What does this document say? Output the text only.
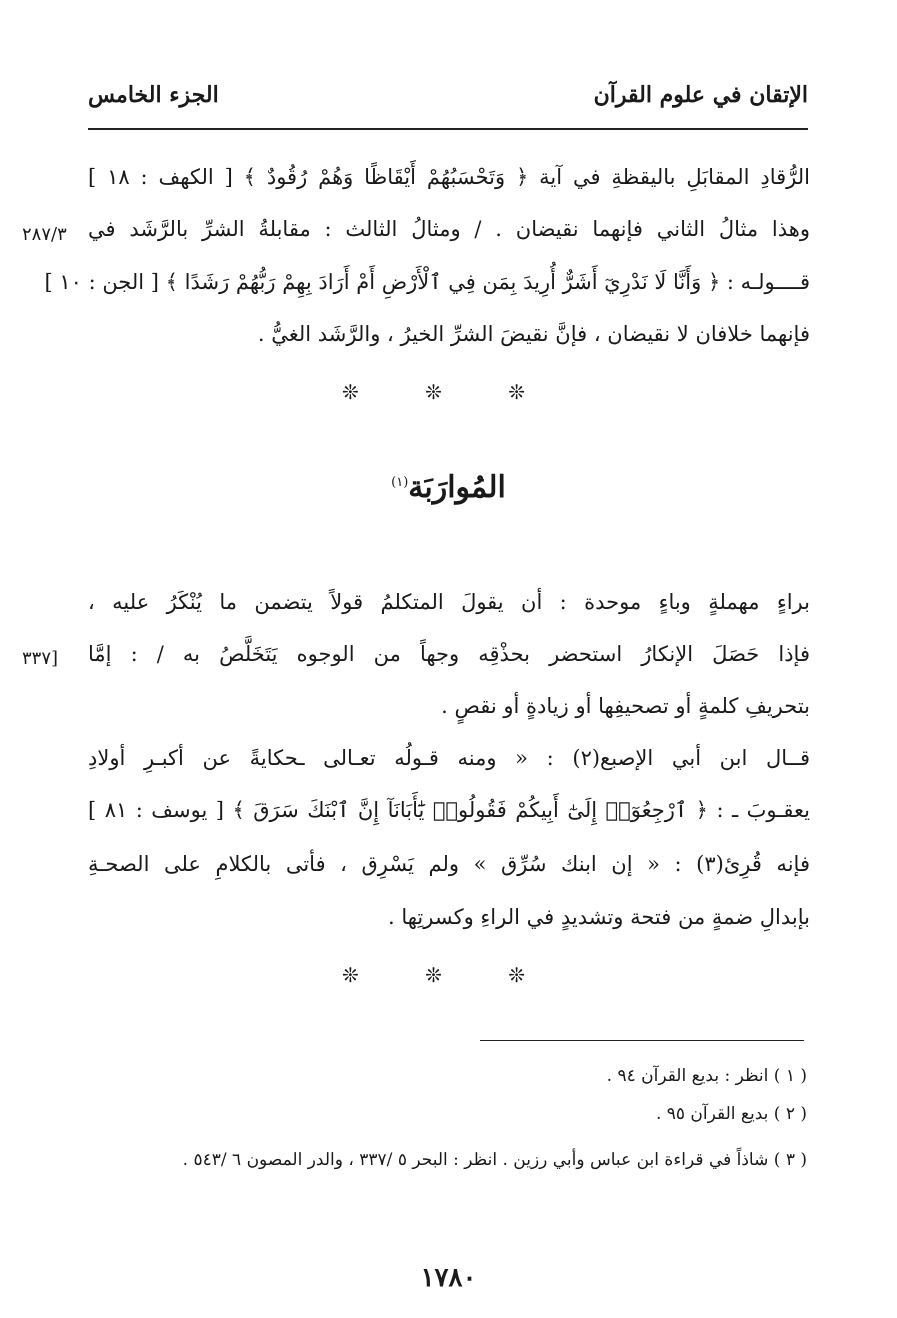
الإتقان في علوم القرآن
الجزء الخامس
الرُّقادِ المقابَلِ باليقظةِ في آية ﴿ وَتَحْسَبُهُمْ أَيْقَاظًا وَهُمْ رُقُودٌ ﴾ [ الكهف : ١٨ ]
وهذا مثالُ الثاني فإنهما نقيضان . / ومثالُ الثالث : مقابلةُ الشرِّ بالرَّشَد في
٢٨٧/٣
قــــولـه : ﴿ وَأَنَّا لَا نَدْرِيٓ أَشَرٌّ أُرِيدَ بِمَن فِي ٱلْأَرْضِ أَمْ أَرَادَ بِهِمْ رَبُّهُمْ رَشَدًا ﴾ [ الجن : ١٠ ]
فإنهما خلافان لا نقيضان ، فإنَّ نقيضَ الشرِّ الخيرُ ، والرَّشَد الغيُّ .
❊ ❊ ❊
المُوارَبَة$^{(١)}$
براءٍ مهملةٍ وباءٍ موحدة : أن يقولَ المتكلمُ قولاً يتضمن ما يُنْكَرُ عليه ،
فإذا حَصَلَ الإنكارُ استحضر بحذْقِه وجهاً من الوجوه يَتَخَلَّصُ به / : إمَّا
[٣٣٧
بتحريفِ كلمةٍ أو تصحيفِها أو زيادةٍ أو نقصٍ .
قــال ابن أبي الإصبع(٢) : « ومنه قـولُه تعـالى ـحكايةً عن أكبـرِ أولادِ
يعقـوبَ ـ : ﴿ ٱرْجِعُوٓا۟ إِلَىٰٓ أَبِيكُمْ فَقُولُوا۟ يَٰٓأَبَانَآ إِنَّ ٱبْنَكَ سَرَقَ ﴾ [ يوسف : ٨١ ]
فإنه قُرِئ(٣) : « إن ابنك سُرِّق » ولم يَسْرِق ، فأتى بالكلامِ على الصحـةِ
بإبدالِ ضمةٍ من فتحة وتشديدٍ في الراءِ وكسرتِها .
❊ ❊ ❊
( ١ ) انظر : بديع القرآن ٩٤ .
( ٢ ) بديع القرآن ٩٥ .
( ٣ ) شاذاً في قراءة ابن عباس وأبي رزين . انظر : البحر ٥ /٣٣٧ ، والدر المصون ٦ /٥٤٣ .
١٧٨٠
